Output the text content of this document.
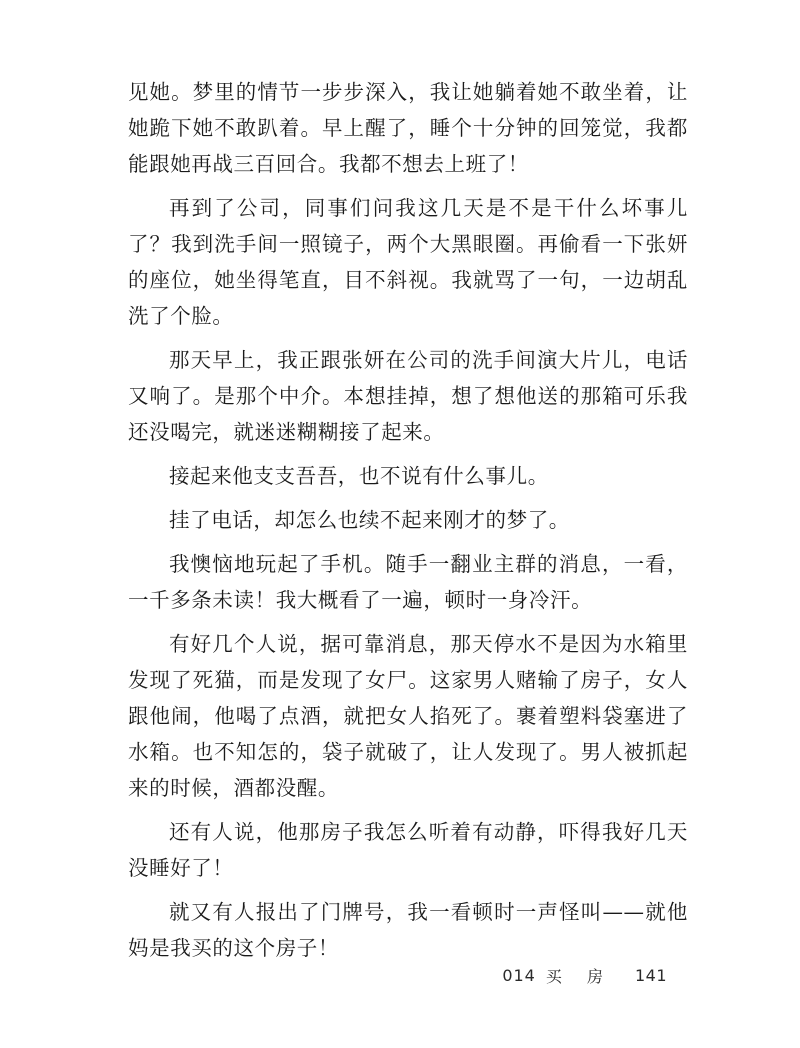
见她。梦里的情节一步步深入，我让她躺着她不敢坐着，让她跪下她不敢趴着。早上醒了，睡个十分钟的回笼觉，我都能跟她再战三百回合。我都不想去上班了！

再到了公司，同事们问我这几天是不是干什么坏事儿了？我到洗手间一照镜子，两个大黑眼圈。再偷看一下张妍的座位，她坐得笔直，目不斜视。我就骂了一句，一边胡乱洗了个脸。

那天早上，我正跟张妍在公司的洗手间演大片儿，电话又响了。是那个中介。本想挂掉，想了想他送的那箱可乐我还没喝完，就迷迷糊糊接了起来。

接起来他支支吾吾，也不说有什么事儿。

挂了电话，却怎么也续不起来刚才的梦了。

我懊恼地玩起了手机。随手一翻业主群的消息，一看，一千多条未读！我大概看了一遍，顿时一身冷汗。

有好几个人说，据可靠消息，那天停水不是因为水箱里发现了死猫，而是发现了女尸。这家男人赌输了房子，女人跟他闹，他喝了点酒，就把女人掐死了。裹着塑料袋塞进了水箱。也不知怎的，袋子就破了，让人发现了。男人被抓起来的时候，酒都没醒。

还有人说，他那房子我怎么听着有动静，吓得我好几天没睡好了！

就又有人报出了门牌号，我一看顿时一声怪叫——就他妈是我买的这个房子！

014 买 房 141
